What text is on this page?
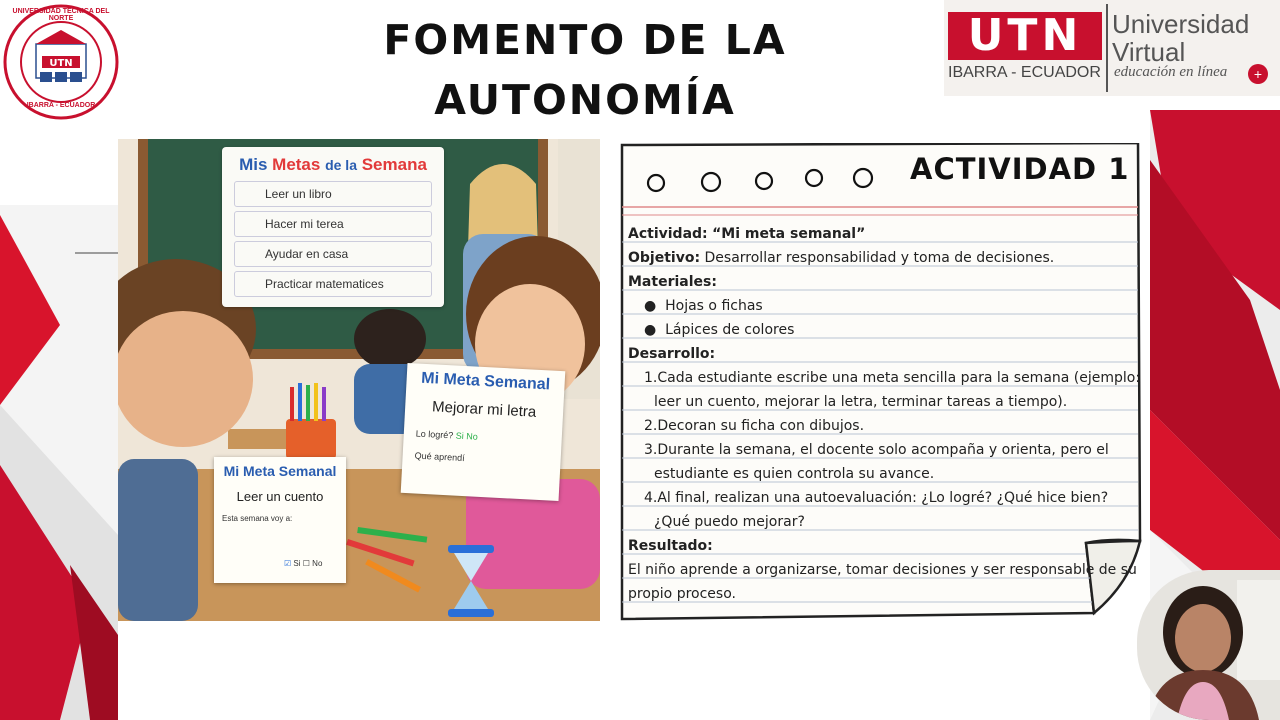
UTN
UNIVERSIDAD TÉCNICA DEL NORTE
IBARRA - ECUADOR
FOMENTO DE LA AUTONOMÍA
UTN
IBARRA - ECUADOR
Universidad
Virtual
educación en línea	+
Mis Metas de la Semana
Leer un libro
Hacer mi terea
Ayudar en casa
Practicar matematices
Mi Meta Semanal
Mejorar mi letra
Lo logré? Si No
Qué aprendí
Mi Meta Semanal
Leer un cuento
Esta semana voy a:
☑ Si ☐ No
ACTIVIDAD 1
Actividad: “Mi meta semanal”
Objetivo: Desarrollar responsabilidad y toma de decisiones.
Materiales:
● Hojas o fichas
● Lápices de colores
Desarrollo:
1.Cada estudiante escribe una meta sencilla para la semana (ejemplo:
leer un cuento, mejorar la letra, terminar tareas a tiempo).
2.Decoran su ficha con dibujos.
3.Durante la semana, el docente solo acompaña y orienta, pero el
estudiante es quien controla su avance.
4.Al final, realizan una autoevaluación: ¿Lo logré? ¿Qué hice bien?
¿Qué puedo mejorar?
Resultado:
El niño aprende a organizarse, tomar decisiones y ser responsable de su
propio proceso.
